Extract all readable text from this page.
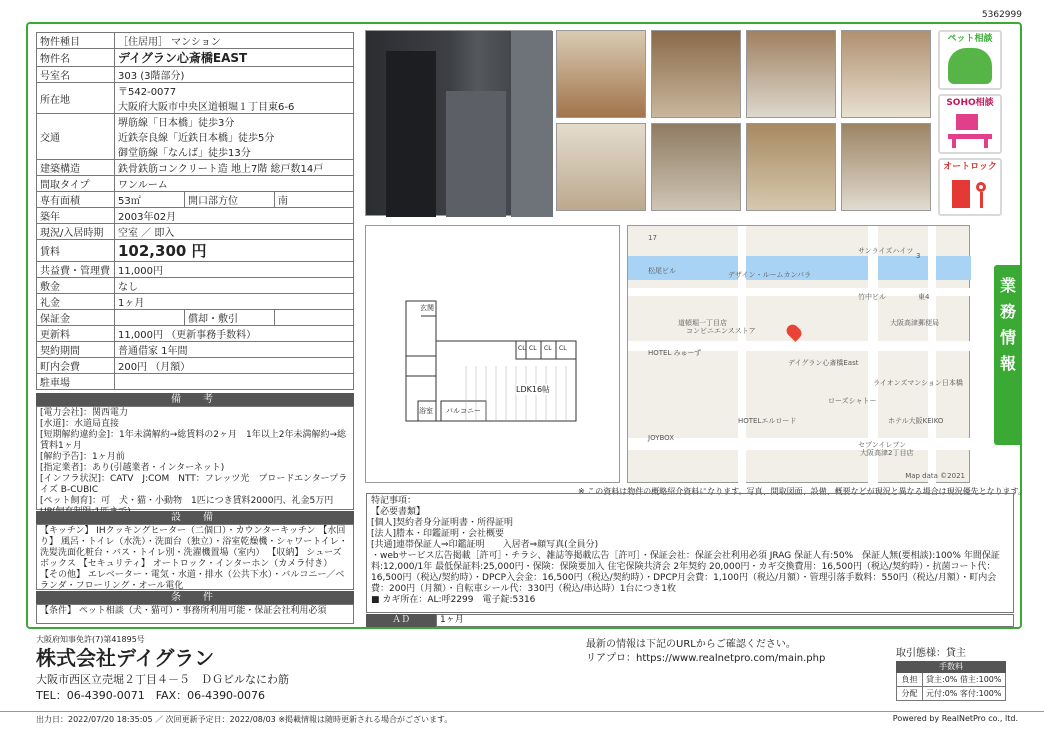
5362999
物件種目	［住居用］ マンション		

物件名	デイグラン心斎橋EAST		

号室名	303 (3階部分)		

所在地	〒542-0077
大阪府大阪市中央区道頓堀１丁目東6-6		

交通	堺筋線「日本橋」徒歩3分
近鉄奈良線「近鉄日本橋」徒歩5分
御堂筋線「なんば」徒歩13分		

建築構造	鉄骨鉄筋コンクリート造 地上7階 総戸数14戸		

間取タイプ	ワンルーム		

専有面積	53㎡	開口部方位	南
築年	2003年02月		

現況/入居時期	空室 ／ 即入		

賃料	102,300 円		

共益費・管理費	11,000円		

敷金	なし		

礼金	1ヶ月		

保証金		償却・敷引	
更新料	11,000円 （更新事務手数料）		

契約期間	普通借家 1年間		

町内会費	200円 （月額）		

駐車場			
備　考
[電力会社]：関西電力
[水道]：水道局直接
[短期解約違約金]：1年未満解約→総賃料の2ヶ月　1年以上2年未満解約→総賃料1ヶ月
[解約予告]：1ヶ月前
[指定業者]：あり(引越業者・インターネット)
[インフラ状況]：CATV　J:COM　NTT：フレッツ光　ブロードエンタープライズ B-CUBIC
[ペット飼育]：可　犬・猫・小動物　1匹につき賃料2000円、礼金5万円
設　備
【キッチン】 IHクッキングヒーター（二個口）・カウンターキッチン 【水回り】 風呂・トイレ（水洗）・洗面台（独立）・浴室乾燥機・シャワートイレ・洗髪洗面化粧台・バス・トイレ別・洗濯機置場（室内） 【収納】 シューズボックス 【セキュリティ】 オートロック・インターホン（カメラ付き） 【その他】 エレベーター・電気・水道・排水（公共下水）・バルコニー／ベランダ・フローリング・オール電化
条　件
【条件】 ペット相談（犬・猫可）・事務所利用可能・保証会社利用必須
ペット相談
SOHO相談
オートロック
業
務
情
報
玄関
LDK16帖
浴室 バルコニー
CL CL CL CL
17
3
サンライズハイツ
道頓堀一丁目店
コンビニエンスストア
デイグラン心斎橋East
大阪高津郵便局
ホテル大阪KEIKO
セブンイレブン
大阪高津2丁目店
ライオンズマンション日本橋
HOTELエルロード
JOYBOX
ローズシャトー
HOTEL みゅーず
松尾ビル	デザイン・ルームカンパラ
竹中ビル	東4
Map data ©2021
※ この資料は物件の概略紹介資料になります。写真、間取図面、設備、概要などが現況と異なる場合は現況優先となります。
特記事項：
【必要書類】
[個人]契約者身分証明書・所得証明
[法人]謄本・印鑑証明・会社概要
[共通]連帯保証人⇒印鑑証明　　入居者⇒顔写真(全員分)
・webサービス広告掲載［許可］・チラシ、雑誌等掲載広告［許可］・保証会社：保証会社利用必須 JRAG 保証人有:50%　保証人無(要相談):100% 年間保証料:12,000/1年 最低保証料:25,000円・保険：保険要加入 住宅保険共済会 2年契約 20,000円・カギ交換費用：16,500円（税込/契約時）・抗菌コート代：16,500円（税込/契約時）・DPCP入会金：16,500円（税込/契約時）・DPCP月会費：1,100円（税込/月額）・管理引落手数料：550円（税込/月額）・町内会費：200円（月額）・自転車シール代：330円（税込/串込時）1台につき1枚
■ カギ所在：AL:呼2299　電子錠:5316
ＡＤ	1ヶ月
大阪府知事免許(7)第41895号
株式会社デイグラン
大阪市西区立売堀２丁目４－５　ＤＧビルなにわ筋
TEL：06-4390-0071　FAX：06-4390-0076
最新の情報は下記のURLからご確認ください。
リアプロ：https://www.realnetpro.com/main.php	取引態様：貸主
手数料
負担	貸主:0% 借主:100%
分配	元付:0% 客付:100%
出力日：2022/07/20 18:35:05 ／ 次回更新予定日：2022/08/03 ※掲載情報は随時更新される場合がございます。	Powered by RealNetPro co., ltd.
